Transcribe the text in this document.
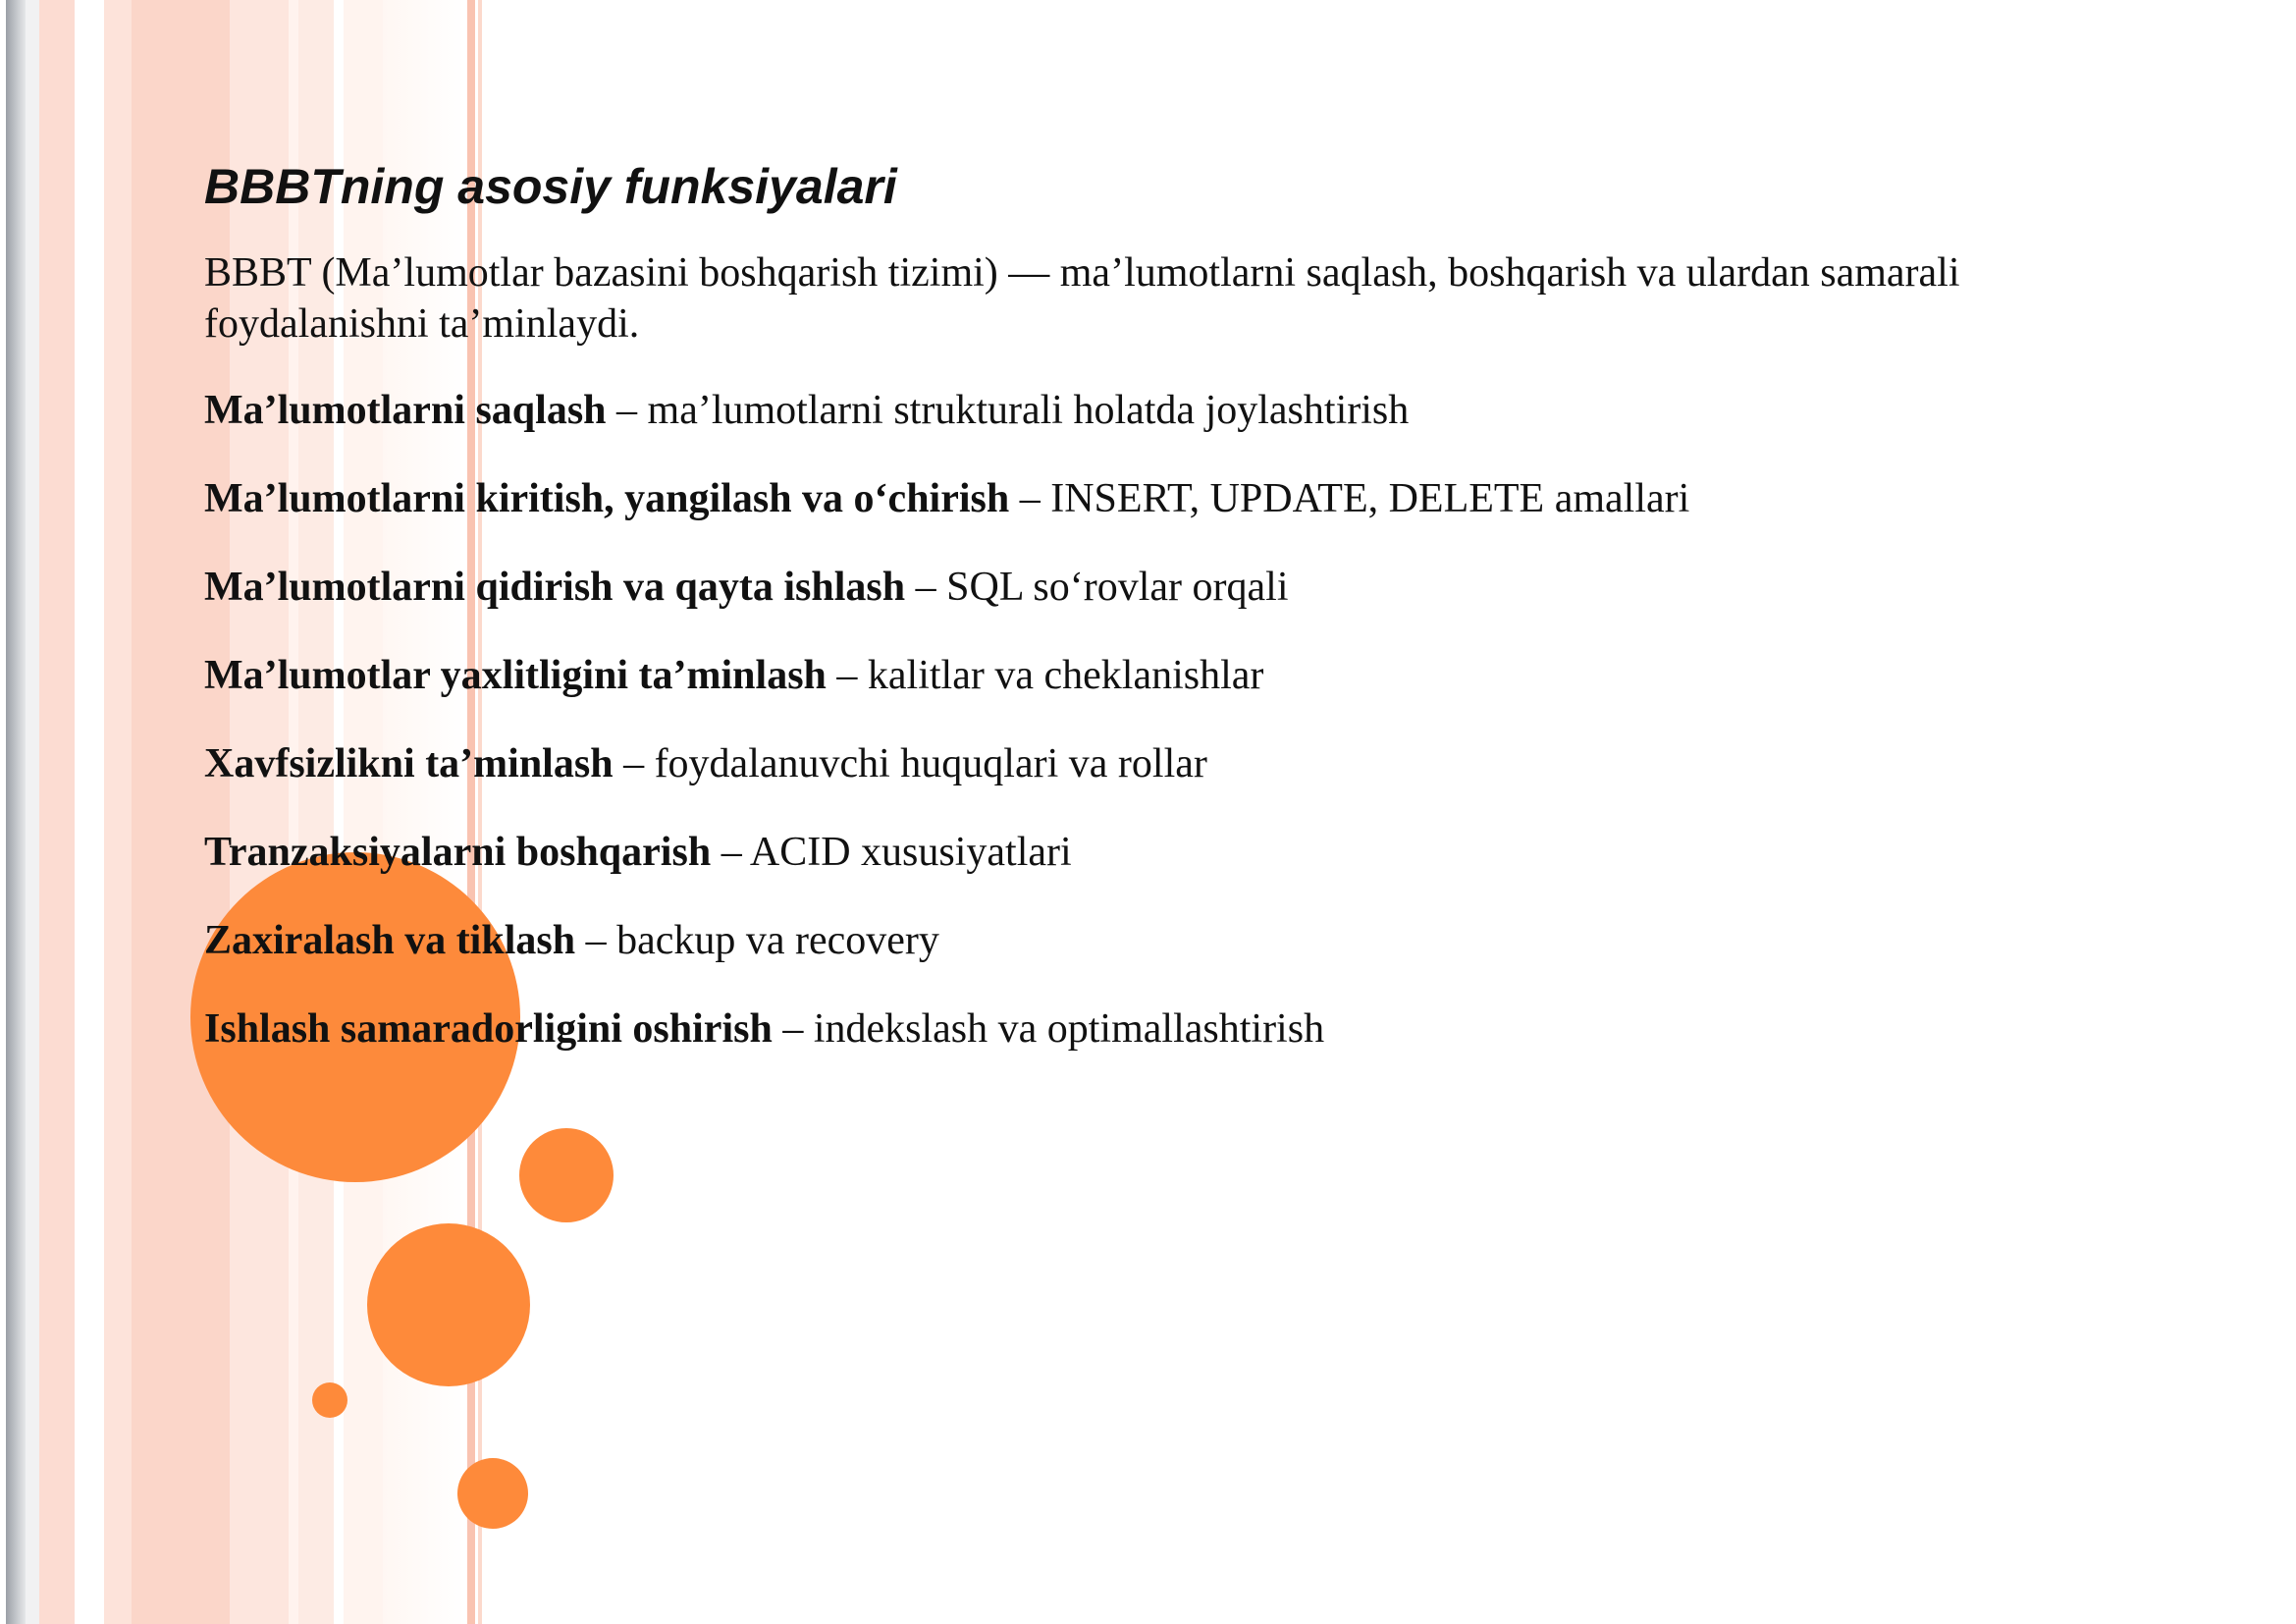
BBBTning asosiy funksiyalari

BBBT (Ma’lumotlar bazasini boshqarish tizimi) — ma’lumotlarni saqlash, boshqarish va ulardan samarali foydalanishni ta’minlaydi.

Ma’lumotlarni saqlash – ma’lumotlarni strukturali holatda joylashtirish
Ma’lumotlarni kiritish, yangilash va o‘chirish – INSERT, UPDATE, DELETE amallari
Ma’lumotlarni qidirish va qayta ishlash – SQL so‘rovlar orqali
Ma’lumotlar yaxlitligini ta’minlash – kalitlar va cheklanishlar
Xavfsizlikni ta’minlash – foydalanuvchi huquqlari va rollar
Tranzaksiyalarni boshqarish – ACID xususiyatlari
Zaxiralash va tiklash – backup va recovery
Ishlash samaradorligini oshirish – indekslash va optimallashtirish
